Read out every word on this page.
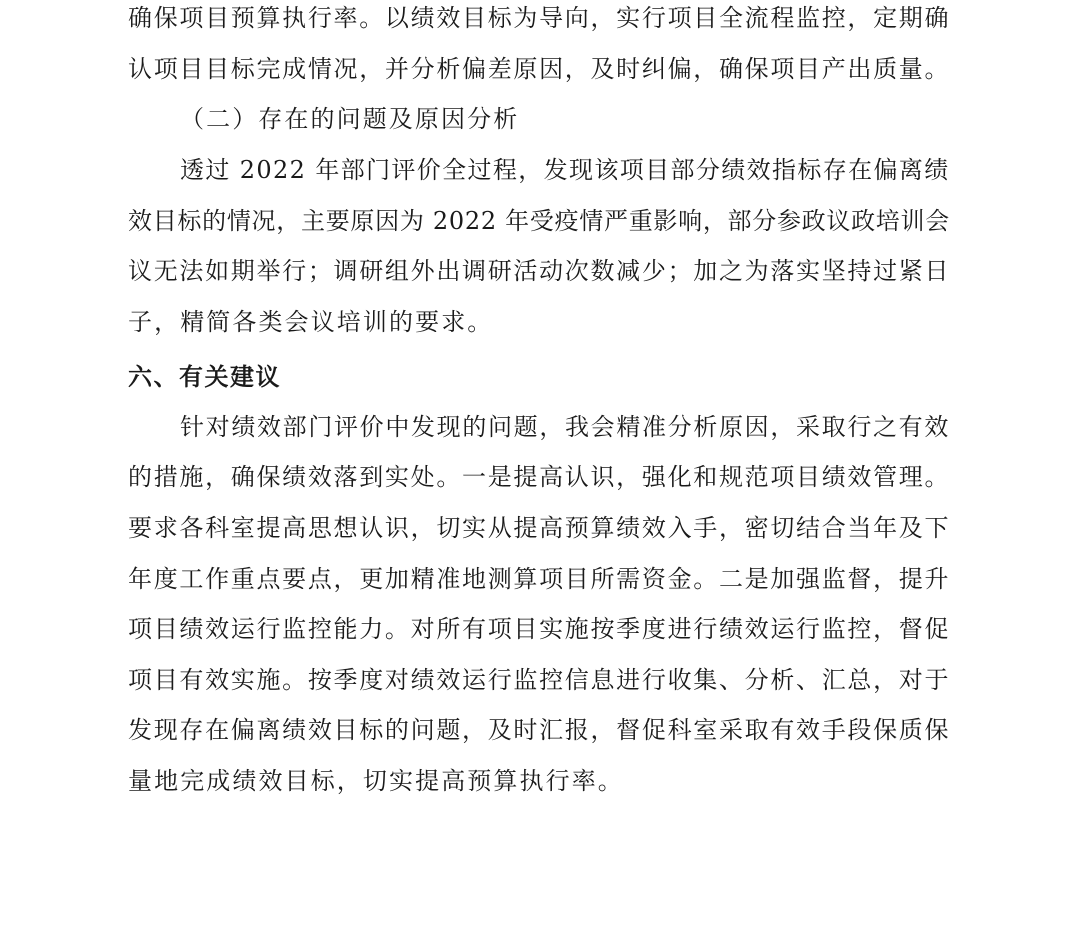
确保项目预算执行率。以绩效目标为导向，实行项目全流程监控，定期确
认项目目标完成情况，并分析偏差原因，及时纠偏，确保项目产出质量。
（二）存在的问题及原因分析
透过 2022 年部门评价全过程，发现该项目部分绩效指标存在偏离绩
效目标的情况，主要原因为 2022 年受疫情严重影响，部分参政议政培训会
议无法如期举行；调研组外出调研活动次数减少；加之为落实坚持过紧日
子，精简各类会议培训的要求。
六、有关建议
针对绩效部门评价中发现的问题，我会精准分析原因，采取行之有效
的措施，确保绩效落到实处。一是提高认识，强化和规范项目绩效管理。
要求各科室提高思想认识，切实从提高预算绩效入手，密切结合当年及下
年度工作重点要点，更加精准地测算项目所需资金。二是加强监督，提升
项目绩效运行监控能力。对所有项目实施按季度进行绩效运行监控，督促
项目有效实施。按季度对绩效运行监控信息进行收集、分析、汇总，对于
发现存在偏离绩效目标的问题，及时汇报，督促科室采取有效手段保质保
量地完成绩效目标，切实提高预算执行率。
